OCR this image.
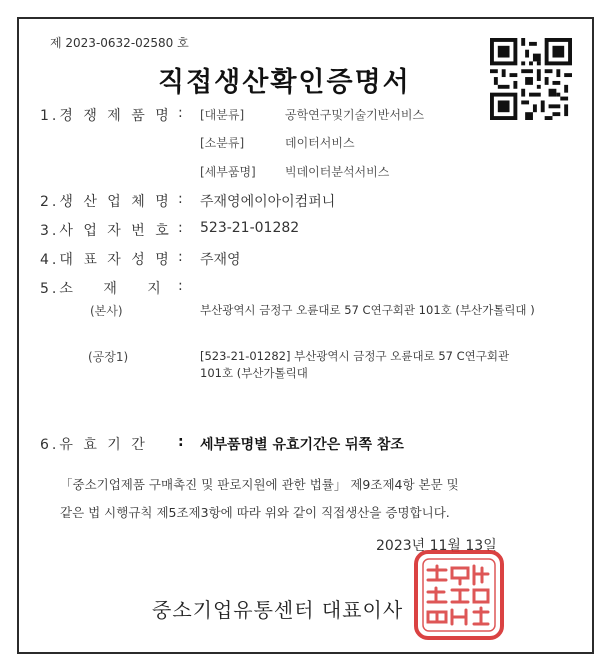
제 2023-0632-02580 호
직접생산확인증명서
1.경 쟁 제 품 명 : [대분류]	공학연구및기술기반서비스
[소분류]	데이터서비스
[세부품명] 빅데이터분석서비스
2.생 산 업 체 명 : 주재영에이아이컴퍼니
3.사 업 자 번 호 : 523-21-01282
4.대 표 자 성 명 : 주재영
5.소 재 지 :
(본사)	부산광역시 금정구 오륜대로 57 C연구회관 101호 (부산가톨릭대 )
(공장1)	[523-21-01282] 부산광역시 금정구 오륜대로 57 C연구회관 101호 (부산가톨릭대
6.유 효 기 간 : 세부품명별 유효기간은 뒤쪽 참조
「중소기업제품 구매촉진 및 판로지원에 관한 법률」 제9조제4항 본문 및
같은 법 시행규칙 제5조제3항에 따라 위와 같이 직접생산을 증명합니다.
2023년 11월 13일
중소기업유통센터 대표이사
